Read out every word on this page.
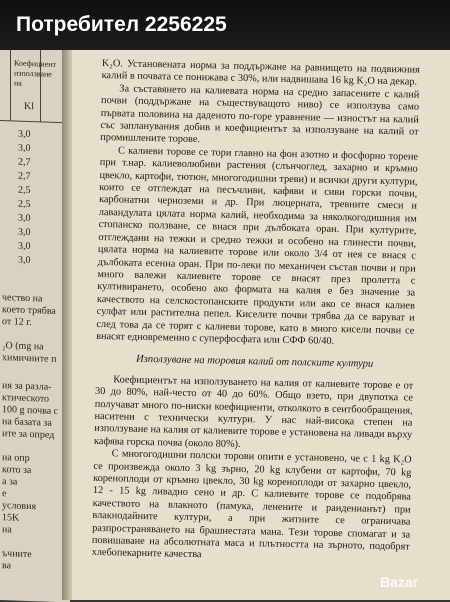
Коефициент
използване
на
Kl
3,0
3,0
2,7
2,7
2,5
2,5
3,0
3,0
3,0
3,0
чество на
което трябва
от 12 г.
₂O (mg на
химичните п
ия за разла-
ктическото
100 g почва с
на базата за
ите за опред
на опр
кото за
а за
е
условия
15K
на
ъчните
ва

K₂O. Установената норма за поддържане на равнището на подвижния калий в почвата се понижава с 30%, или надвишава 16 kg K₂O на декар.

За съставянето на калиевата норма на средно запасените с калий почви (поддържане на съществуващото ниво) се използува само първата половина на даденото по-горе уравнение — изностът на калий със запланувания добив и коефициентът за използуване на калий от промишлените торове.

С калиеви торове се тори главно на фон азотно и фосфорно торене при т.нар. калиеволюбиви растения (слънчоглед, захарно и кръмно цвекло, картофи, тютюн, многогодишни треви) и всички други култури, които се отглеждат на песъчливи, кафяви и сиви горски почви, карбонатни черноземи и др. При люцерната, тревните смеси и лавандулата цялата норма калий, необходима за няколкогодишния им стопанско ползване, се внася при дълбоката оран. При културите, отглеждани на тежки и средно тежки и особено на глинести почви, цялата норма на калиевите торове или около 3/4 от нея се внася с дълбоката есенна оран. При по-леки по механичен състав почви и при много валежи калиевите торове се внасят през пролетта с култивирането, особено ако формата на калия е без значение за качеството на селскостопанските продукти или ако се внася калиев сулфат или растителна пепел. Киселите почви трябва да се варуват и след това да се торят с калиеви торове, като в много кисели почви се внасят едновременно с суперфосфата или СФФ 60/40.

Използуване на торовия калий от полските култури

Коефициентът на използуването на калия от калиевите торове е от 30 до 80%, най-често от 40 до 60%. Общо взето, при двупотка се получават много по-ниски коефициенти, отколкото в сеитбообращения, наситени с технически култури. У нас най-висока степен на използуване на калия от калиевите торове е установена на ливади върху кафява горска почва (около 80%).

С многогодишни полски торови опити е установено, че с 1 kg K₂O се произвежда около 3 kg зърно, 20 kg клубени от картофи, 70 kg кореноплоди от кръмно цвекло, 30 kg кореноплоди от захарно цвекло, 12 - 15 kg ливадно сено и др. С калиевите торове се подобрява качеството на влакното (памука, ленените и ранденианът) при влакнодайните култури, а при житните се ограничава разпространяването на брашнестата мана. Тези торове спомагат и за повишаване на абсолютната маса и плътността на зърното, подобрят хлебопекарните качества

Потребител 2256225
Bazar
